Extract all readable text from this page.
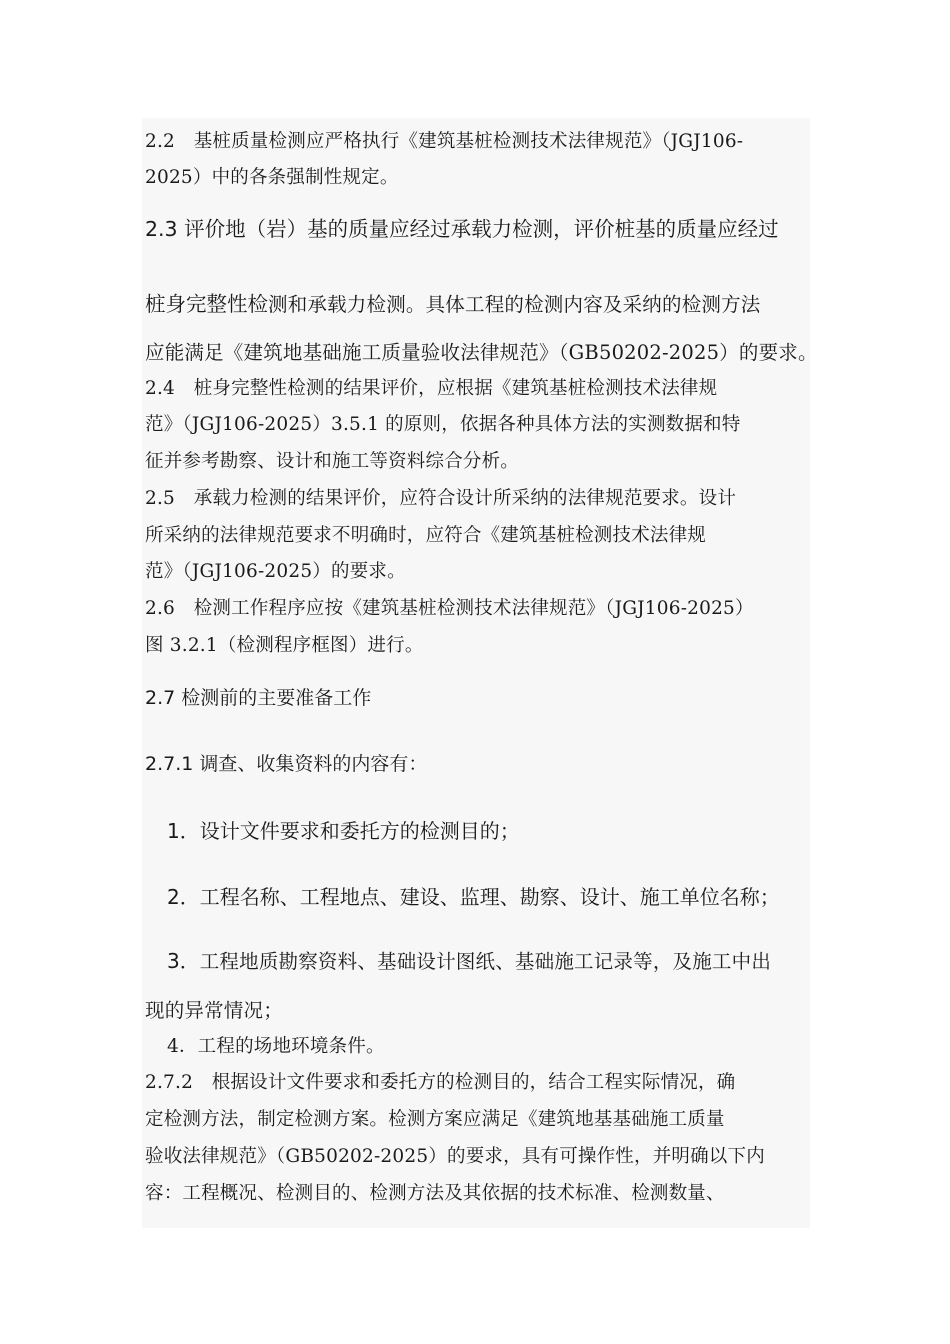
2.2　基桩质量检测应严格执行《建筑基桩检测技术法律规范》（JGJ106-

2025）中的各条强制性规定。

2.3 评价地（岩）基的质量应经过承载力检测，评价桩基的质量应经过

桩身完整性检测和承载力检测。具体工程的检测内容及采纳的检测方法

应能满足《建筑地基础施工质量验收法律规范》（GB50202-2025）的要求。

2.4　桩身完整性检测的结果评价，应根据《建筑基桩检测技术法律规

范》（JGJ106-2025）3.5.1 的原则，依据各种具体方法的实测数据和特

征并参考勘察、设计和施工等资料综合分析。

2.5　承载力检测的结果评价，应符合设计所采纳的法律规范要求。设计

所采纳的法律规范要求不明确时，应符合《建筑基桩检测技术法律规

范》（JGJ106-2025）的要求。

2.6　检测工作程序应按《建筑基桩检测技术法律规范》（JGJ106-2025）

图 3.2.1（检测程序框图）进行。

2.7 检测前的主要准备工作

2.7.1 调查、收集资料的内容有：

1．设计文件要求和委托方的检测目的；

2．工程名称、工程地点、建设、监理、勘察、设计、施工单位名称；

3．工程地质勘察资料、基础设计图纸、基础施工记录等，及施工中出

现的异常情况；

4．工程的场地环境条件。

2.7.2　根据设计文件要求和委托方的检测目的，结合工程实际情况，确

定检测方法，制定检测方案。检测方案应满足《建筑地基基础施工质量

验收法律规范》（GB50202-2025）的要求，具有可操作性，并明确以下内

容：工程概况、检测目的、检测方法及其依据的技术标准、检测数量、
